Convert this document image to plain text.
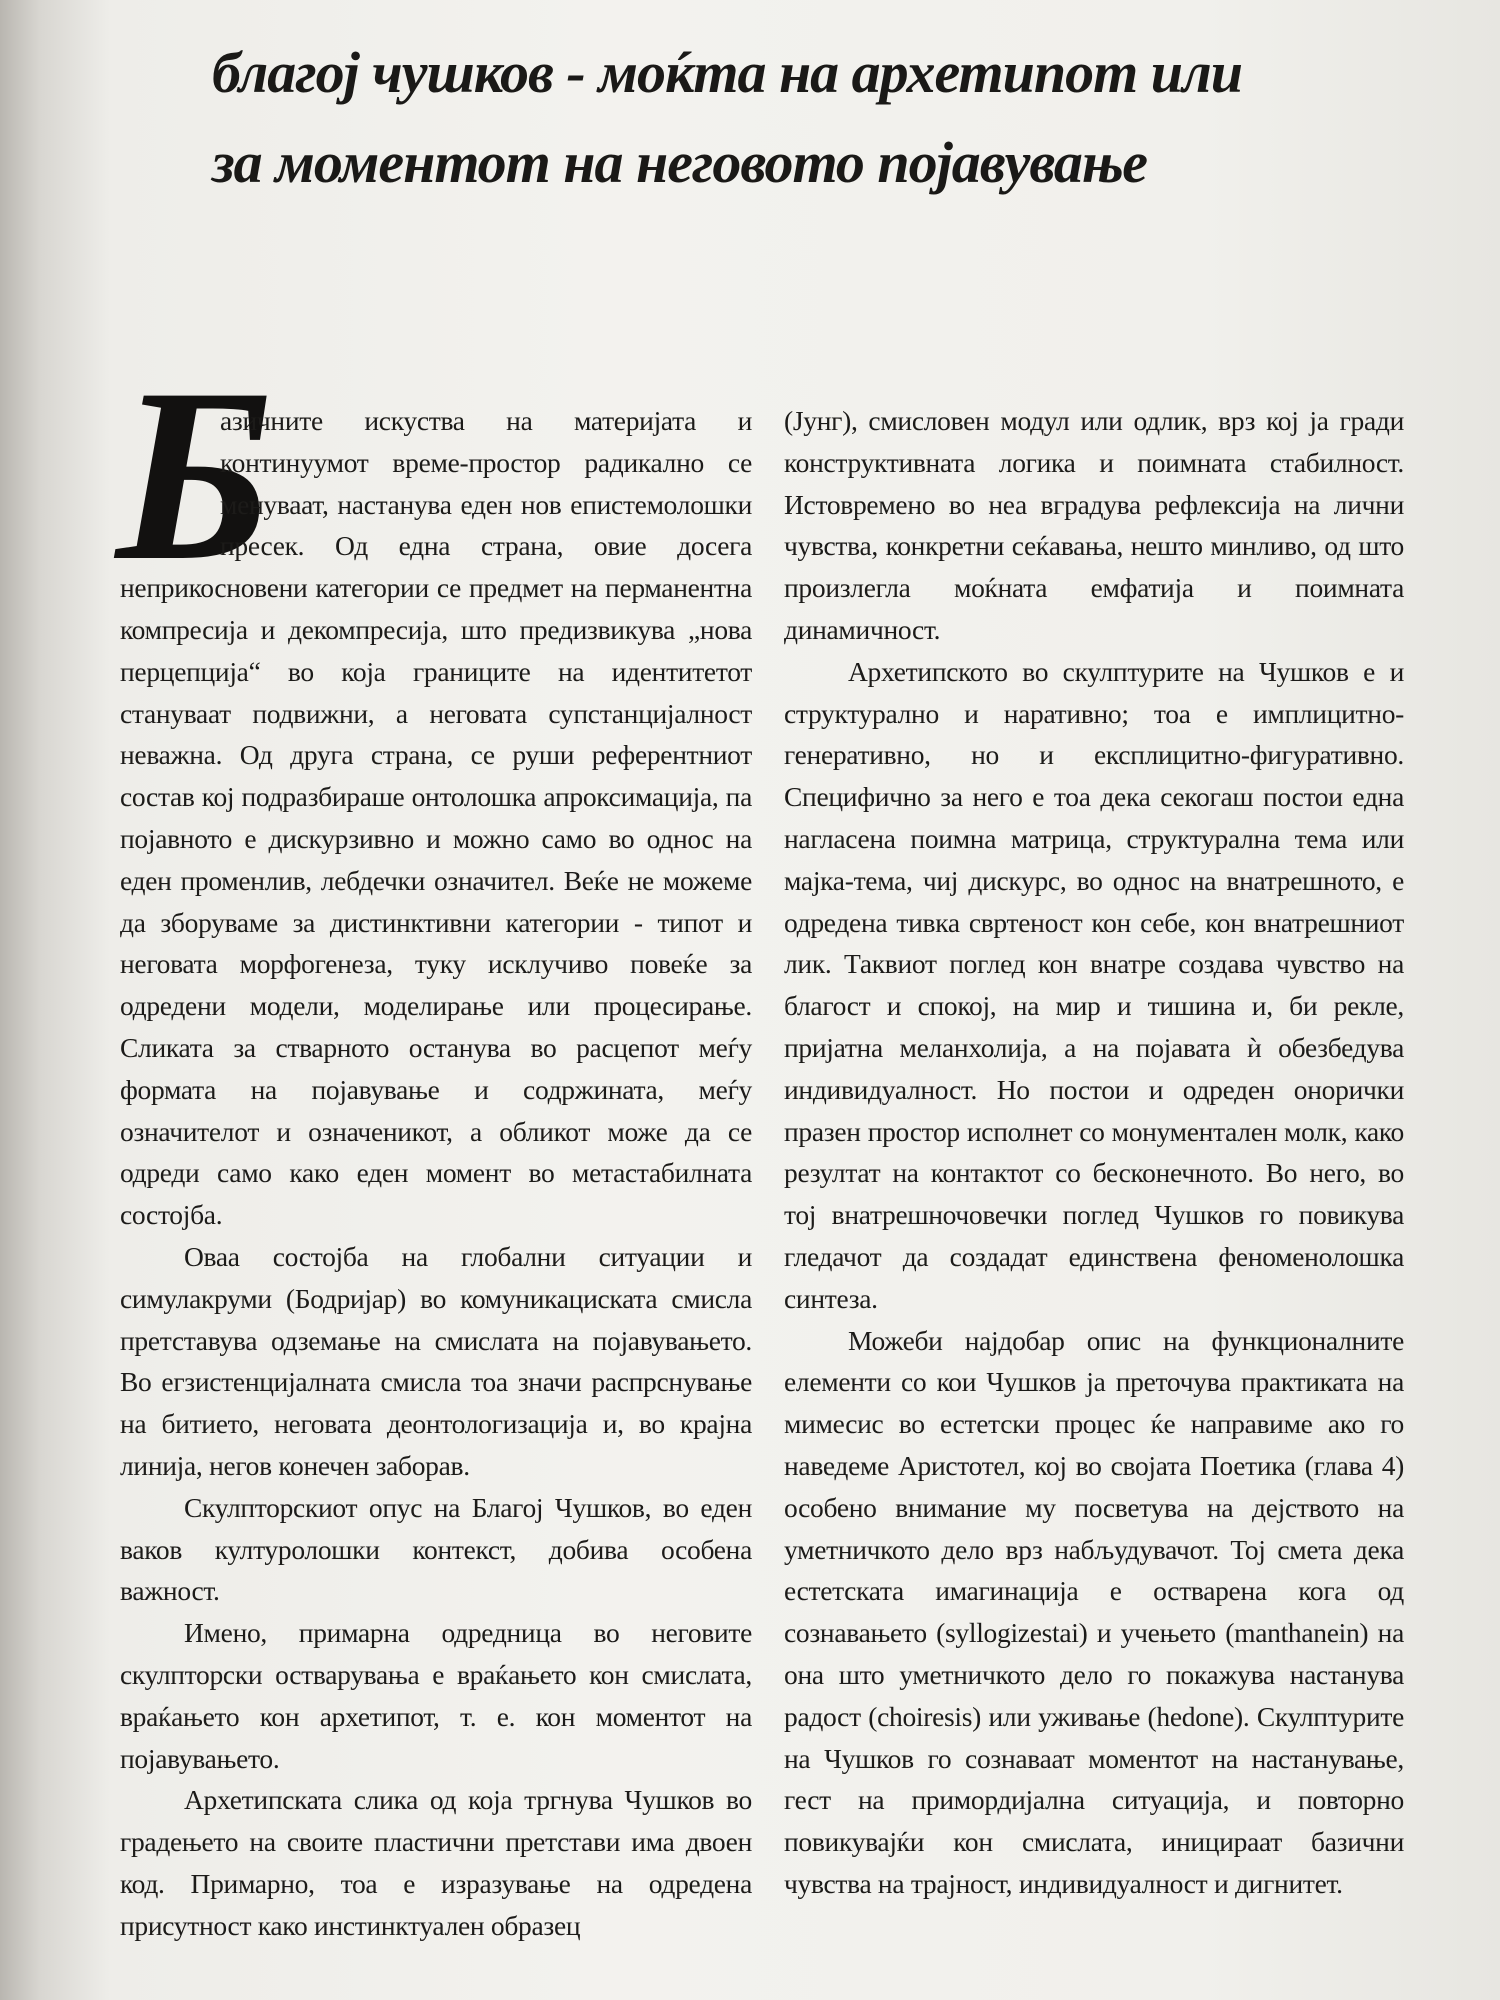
благој чушков - моќта на архетипот или
за моментот на неговото појавување

Б
азичните искуства на материјата и континуумот време-простор радикално се менуваат, настанува еден нов епистемолошки пресек. Од една страна, овие досега неприкосновени категории се предмет на перманентна компресија и декомпресија, што предизвикува „нова перцепција“ во која границите на идентитетот стануваат подвижни, а неговата супстанцијалност неважна. Од друга страна, се руши референтниот состав кој подразбираше онтолошка апроксимација, па појавното е дискурзивно и можно само во однос на еден променлив, лебдечки означител. Веќе не можеме да зборуваме за дистинктивни категории - типот и неговата морфогенеза, туку исклучиво повеќе за одредени модели, моделирање или процесирање. Сликата за стварното останува во расцепот меѓу формата на појавување и содржината, меѓу означителот и означеникот, а обликот може да се одреди само како еден момент во метастабилната состојба.

Оваа состојба на глобални ситуации и симулакруми (Бодријар) во комуникациската смисла претставува одземање на смислата на појавувањето. Во егзистенцијалната смисла тоа значи распрснување на битието, неговата деонтологизација и, во крајна линија, негов конечен заборав.

Скулпторскиот опус на Благој Чушков, во еден ваков културолошки контекст, добива особена важност.

Имено, примарна одредница во неговите скулпторски остварувања е враќањето кон смислата, враќањето кон архетипот, т. е. кон моментот на појавувањето.

Архетипската слика од која тргнува Чушков во градењето на своите пластични претстави има двоен код. Примарно, тоа е изразување на одредена присутност како инстинктуален образец

(Јунг), смисловен модул или одлик, врз кој ја гради конструктивната логика и поимната стабилност. Истовремено во неа вградува рефлексија на лични чувства, конкретни сеќавања, нешто минливо, од што произлегла моќната емфатија и поимната динамичност.

Архетипското во скулптурите на Чушков е и структурално и наративно; тоа е имплицитно-генеративно, но и експлицитно-фигуративно. Специфично за него е тоа дека секогаш постои една нагласена поимна матрица, структурална тема или мајка-тема, чиј дискурс, во однос на внатрешното, е одредена тивка свртеност кон себе, кон внатрешниот лик. Таквиот поглед кон внатре создава чувство на благост и спокој, на мир и тишина и, би рекле, пријатна меланхолија, а на појавата ѝ обезбедува индивидуалност. Но постои и одреден онорички празен простор исполнет со монументален молк, како резултат на контактот со бесконечното. Во него, во тој внатрешночовечки поглед Чушков го повикува гледачот да создадат единствена феноменолошка синтеза.

Можеби најдобар опис на функционалните елементи со кои Чушков ја преточува практиката на мимесис во естетски процес ќе направиме ако го наведеме Аристотел, кој во својата Поетика (глава 4) особено внимание му посветува на дејството на уметничкото дело врз набљудувачот. Тој смета дека естетската имагинација е остварена кога од сознавањето (syllogizestai) и учењето (manthanein) на она што уметничкото дело го покажува настанува радост (choiresis) или уживање (hedone). Скулптурите на Чушков го сознаваат моментот на настанување, гест на примордијална ситуација, и повторно повикувајќи кон смислата, иницираат базични чувства на трајност, индивидуалност и дигнитет.
